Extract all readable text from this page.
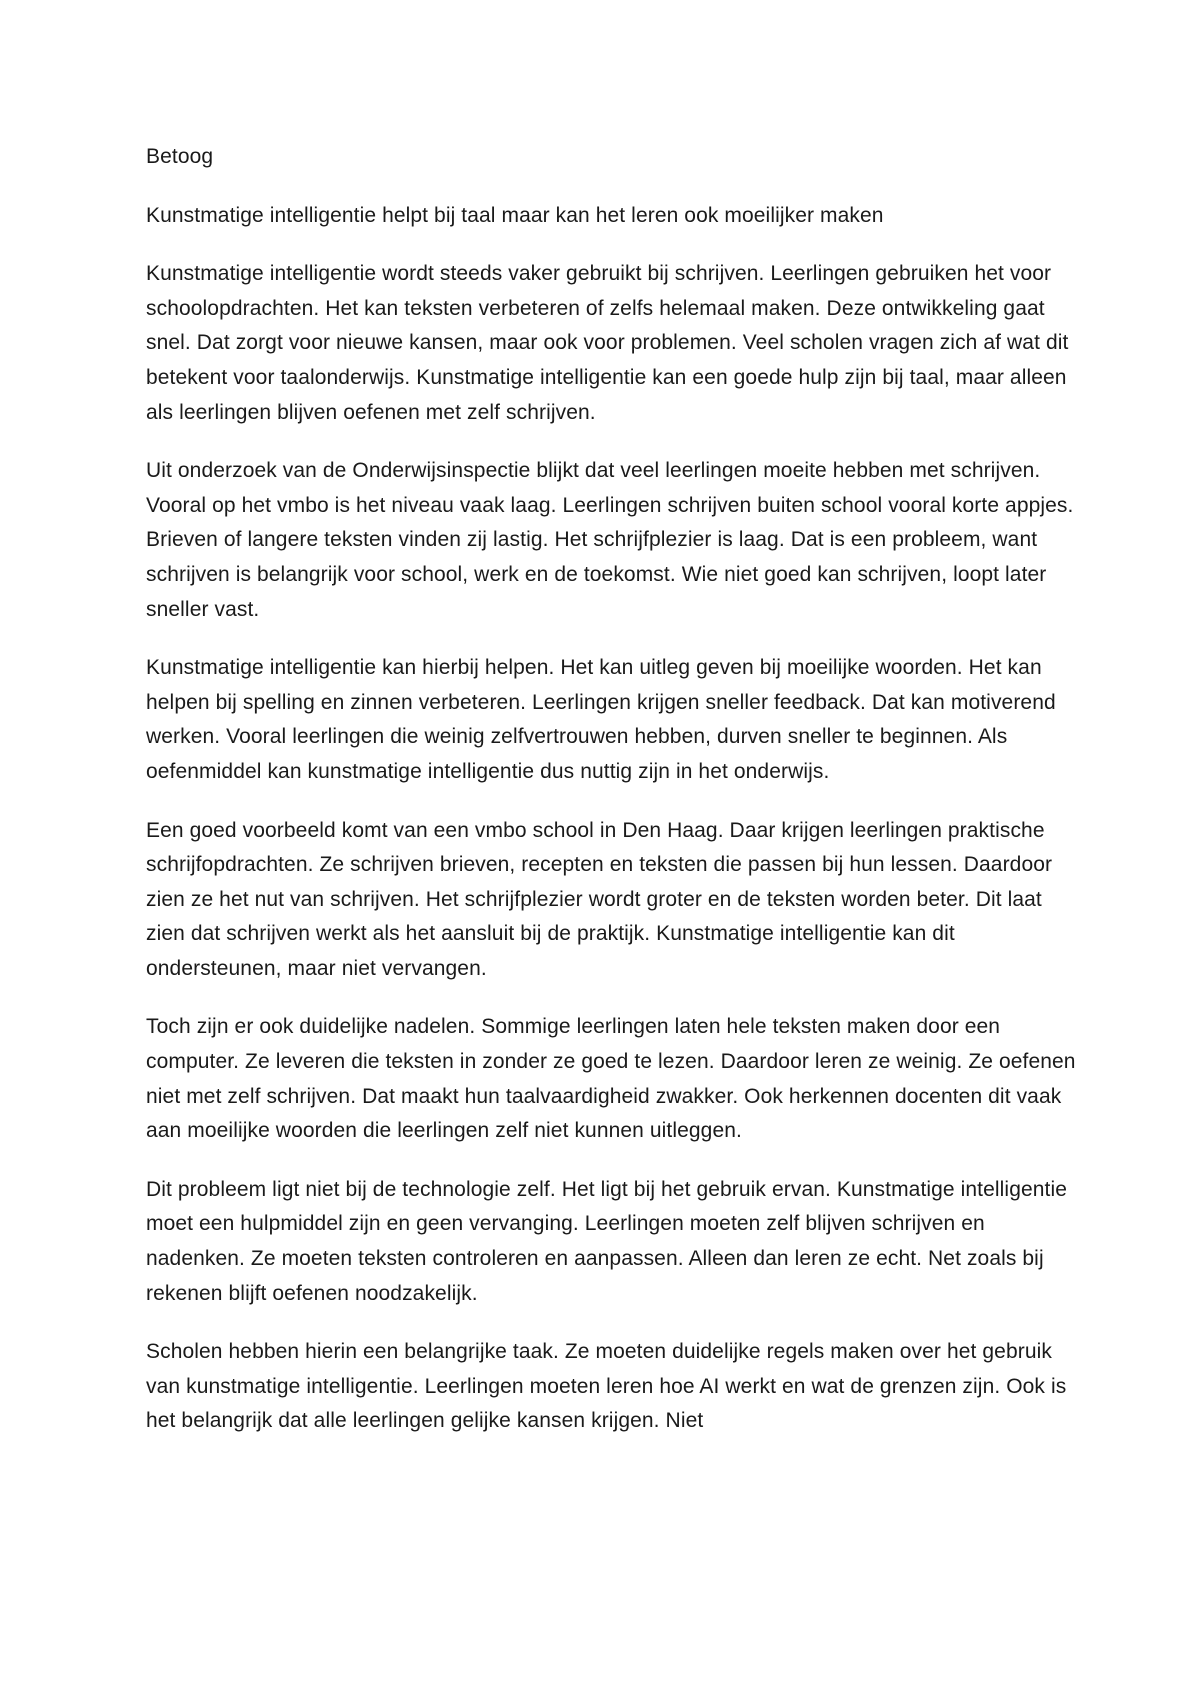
Betoog

Kunstmatige intelligentie helpt bij taal maar kan het leren ook moeilijker maken

Kunstmatige intelligentie wordt steeds vaker gebruikt bij schrijven. Leerlingen gebruiken het voor schoolopdrachten. Het kan teksten verbeteren of zelfs helemaal maken. Deze ontwikkeling gaat snel. Dat zorgt voor nieuwe kansen, maar ook voor problemen. Veel scholen vragen zich af wat dit betekent voor taalonderwijs. Kunstmatige intelligentie kan een goede hulp zijn bij taal, maar alleen als leerlingen blijven oefenen met zelf schrijven.

Uit onderzoek van de Onderwijsinspectie blijkt dat veel leerlingen moeite hebben met schrijven. Vooral op het vmbo is het niveau vaak laag. Leerlingen schrijven buiten school vooral korte appjes. Brieven of langere teksten vinden zij lastig. Het schrijfplezier is laag. Dat is een probleem, want schrijven is belangrijk voor school, werk en de toekomst. Wie niet goed kan schrijven, loopt later sneller vast.

Kunstmatige intelligentie kan hierbij helpen. Het kan uitleg geven bij moeilijke woorden. Het kan helpen bij spelling en zinnen verbeteren. Leerlingen krijgen sneller feedback. Dat kan motiverend werken. Vooral leerlingen die weinig zelfvertrouwen hebben, durven sneller te beginnen. Als oefenmiddel kan kunstmatige intelligentie dus nuttig zijn in het onderwijs.

Een goed voorbeeld komt van een vmbo school in Den Haag. Daar krijgen leerlingen praktische schrijfopdrachten. Ze schrijven brieven, recepten en teksten die passen bij hun lessen. Daardoor zien ze het nut van schrijven. Het schrijfplezier wordt groter en de teksten worden beter. Dit laat zien dat schrijven werkt als het aansluit bij de praktijk. Kunstmatige intelligentie kan dit ondersteunen, maar niet vervangen.

Toch zijn er ook duidelijke nadelen. Sommige leerlingen laten hele teksten maken door een computer. Ze leveren die teksten in zonder ze goed te lezen. Daardoor leren ze weinig. Ze oefenen niet met zelf schrijven. Dat maakt hun taalvaardigheid zwakker. Ook herkennen docenten dit vaak aan moeilijke woorden die leerlingen zelf niet kunnen uitleggen.

Dit probleem ligt niet bij de technologie zelf. Het ligt bij het gebruik ervan. Kunstmatige intelligentie moet een hulpmiddel zijn en geen vervanging. Leerlingen moeten zelf blijven schrijven en nadenken. Ze moeten teksten controleren en aanpassen. Alleen dan leren ze echt. Net zoals bij rekenen blijft oefenen noodzakelijk.

Scholen hebben hierin een belangrijke taak. Ze moeten duidelijke regels maken over het gebruik van kunstmatige intelligentie. Leerlingen moeten leren hoe AI werkt en wat de grenzen zijn. Ook is het belangrijk dat alle leerlingen gelijke kansen krijgen. Niet
